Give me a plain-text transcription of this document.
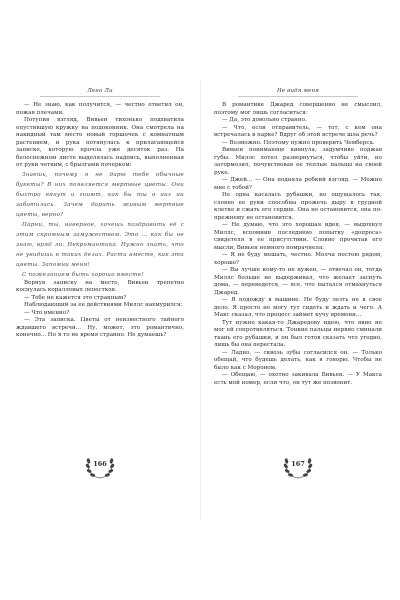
Лена Ли

— Не знаю, как получится, — честно ответил он, пожав плечами.

Потупив взгляд, Вивьен тихонько подхватила опустившую кружку на подоконник. Она смотрела на накидный там место новый горшочек с комнатным растением, и рука потянулась к прилагающейся записке, которую прочла уже десяток раз. На белоснежном листе выделялась надпись, выполненная от руки четким, с брызгами почерком:

Знаешь, почему я не дарю тебе обычные букеты? В них появляется мертвые цветы. Они быстро вянут и гниют, как бы ты о них ни заботилась. Зачем дарить живым мертвые цветы, верно?

Парни, ты, наверное, хочешь поздравить её с этим скромным замужеством. Это … как бы не знаю, вряд ли. Некромантика. Нужно знать, что не увидишь в таких делах. Расти вместе, как эти цветы. Запомни меня!

С пожеланием быть хорошо вместе!

Вернув записку на место, Вивьен трепетно коснулась коралловых лепестков.

— Тебе не кажется это странным?

Наблюдающий за ее действиями Миллс нахмурился:

— Что именно?

— Эта записка. Цветы от неизвестного тайного ждавшего встречи... Ну, может, это романтично, конечно... Но я то не время странно. Не думаешь?

166
Не видя меня

В романтике Джаред совершенно не смыслил, поэтому мог лишь согласиться:

— Да, это довольно странно.

— Что, если отправитель, — тот, с кем она встречалась в парке? Вдруг об этой встрече шла речь?

— Возможно. Поэтому нужно проверить Чемберса.

Вивьен понимающе кивнула, задумчиво поджав губы. Миллс хотел развернуться, чтобы уйти, но затормозил, почувствовав ее теплые пальцы на своей руке.

— Джей... — Она подняла робкий взгляд. — Можно мне с тобой?

Не одна касалась рубашки, но ощущалось так, словно ее руки способны прожечь дыру в грудной клетке и сжать его сердце. Она не остановится, она по-прежнему не остановится.

— Не думаю, что это хорошая идея, — выдохнул Миллс, вспомнив последнюю попытку «допроса» свидетеля в ее присутствии. Словно прочитав его мысли, Вивьен немного помрачнела:

— Я не буду мешать, честно. Молча постою рядом, хорошо?

— Вы лучше кому-то не нужен, — отвечал он, тогда Миллс больше не выдерживал, что желает заснуть дома, — переведется, — все, что пытался отмахнуться Джаред.

— Я подожду в машине. Не буду лезть не в свое дело. Я просто не могу тут сидеть и ждать и чего. А Макс сказал, что процесс займет кучу времени...

Тут нужно какая-то Джаредову идею, что явно не мог ей сопротивляться. Тонкие пальцы нервно сминали ткань его рубашки, и он был готов сказать что угодно, лишь бы она перестала.

— Ладно, — сквозь зубы согласился он. — Только обещай, что будешь делать, как я говорю. Чтобы не было как с Мороном.

— Обещаю, — охотно закивала Вивьен. — У Макса есть мой номер, если что, он тут же позвонит.

167
